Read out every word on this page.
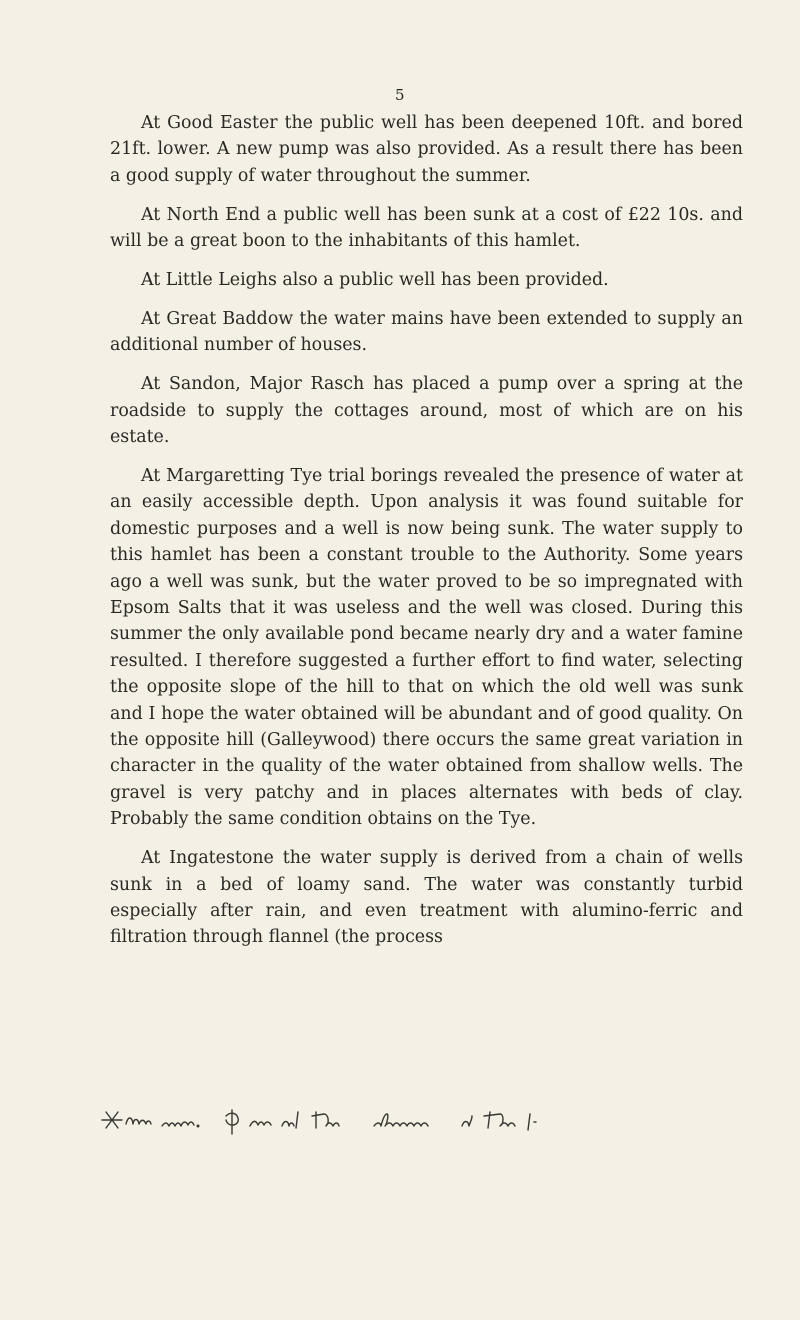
5

At Good Easter the public well has been deepened 10ft. and bored 21ft. lower. A new pump was also provided. As a result there has been a good supply of water throughout the summer.

At North End a public well has been sunk at a cost of £22 10s. and will be a great boon to the inhabitants of this hamlet.

At Little Leighs also a public well has been provided.

At Great Baddow the water mains have been extended to supply an additional number of houses.

At Sandon, Major Rasch has placed a pump over a spring at the roadside to supply the cottages around, most of which are on his estate.

At Margaretting Tye trial borings revealed the presence of water at an easily accessible depth. Upon analysis it was found suitable for domestic purposes and a well is now being sunk. The water supply to this hamlet has been a constant trouble to the Authority. Some years ago a well was sunk, but the water proved to be so impregnated with Epsom Salts that it was useless and the well was closed. During this summer the only available pond became nearly dry and a water famine resulted. I therefore suggested a further effort to find water, selecting the opposite slope of the hill to that on which the old well was sunk and I hope the water obtained will be abundant and of good quality. On the opposite hill (Galleywood) there occurs the same great variation in character in the quality of the water obtained from shallow wells. The gravel is very patchy and in places alternates with beds of clay. Probably the same condition obtains on the Tye.

At Ingatestone the water supply is derived from a chain of wells sunk in a bed of loamy sand. The water was constantly turbid especially after rain, and even treatment with alumino-ferric and filtration through flannel (the process
